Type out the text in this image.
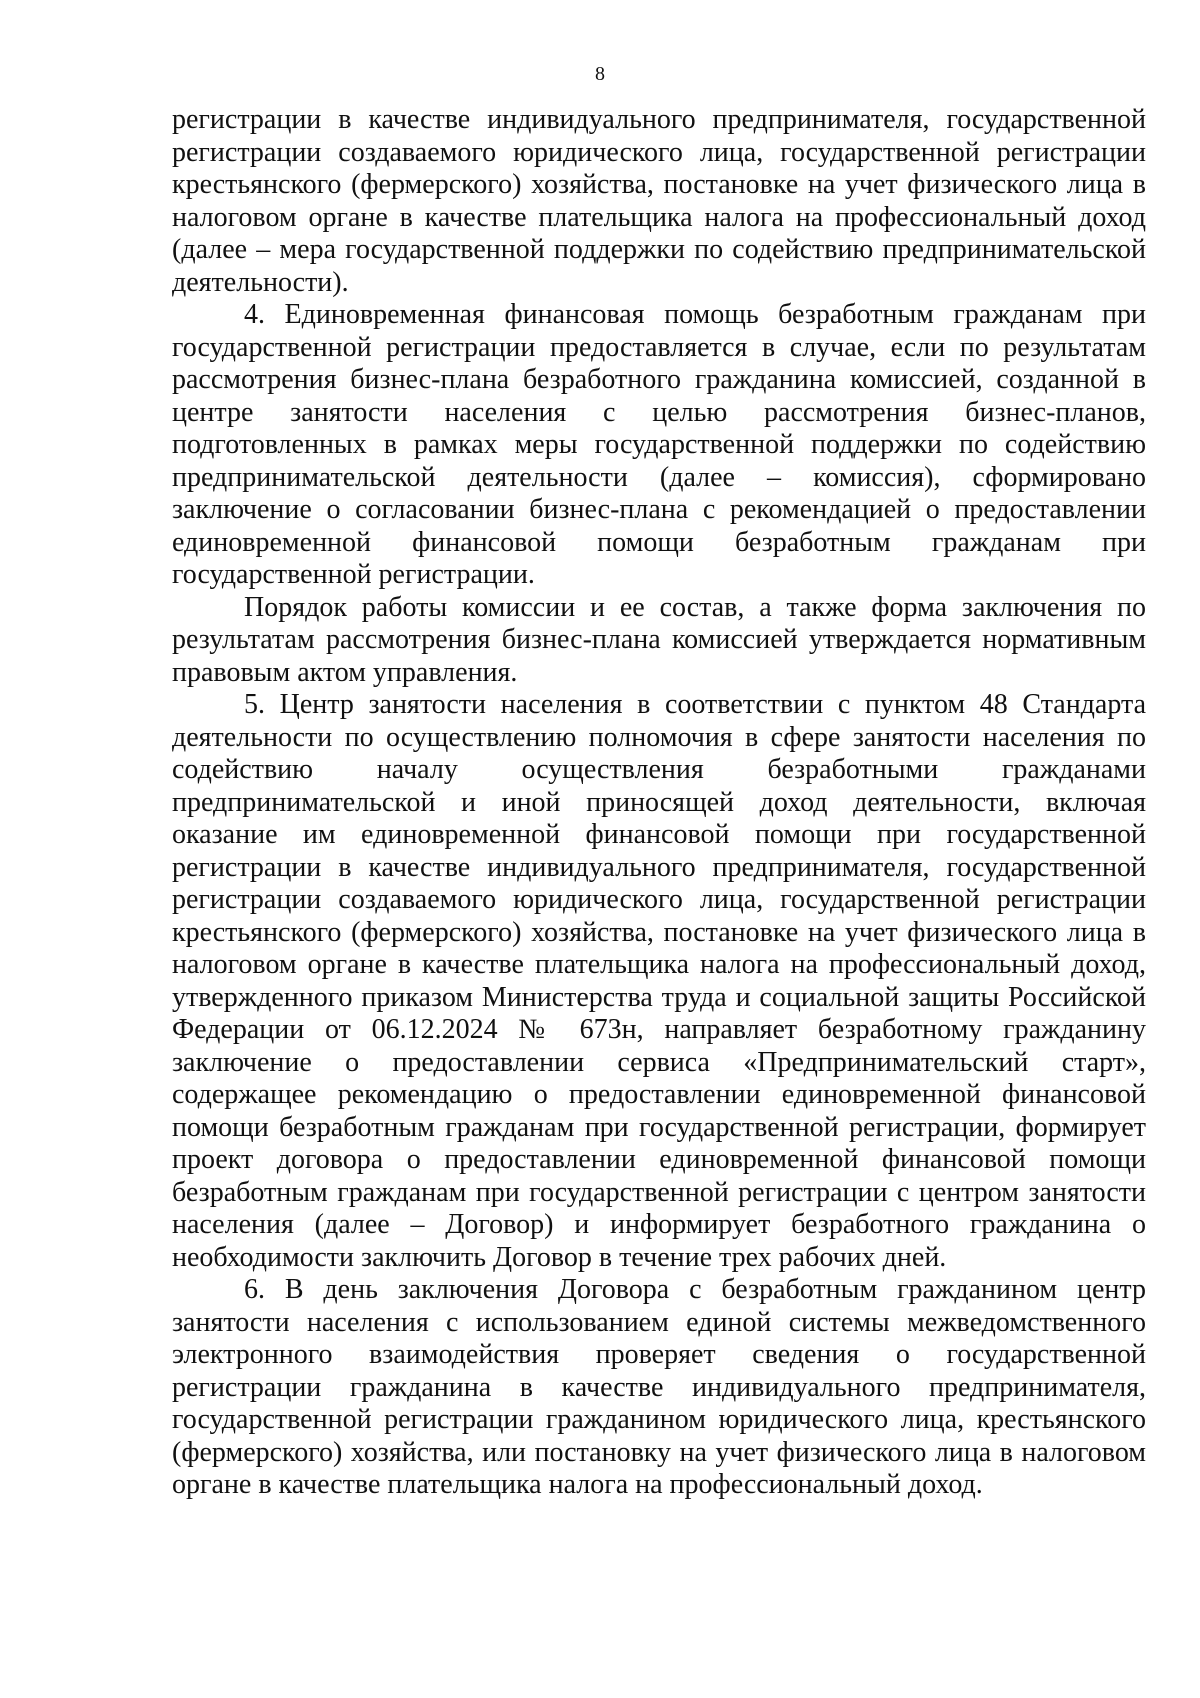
8

регистрации в качестве индивидуального предпринимателя, государственной регистрации создаваемого юридического лица, государственной регистрации крестьянского (фермерского) хозяйства, постановке на учет физического лица в налоговом органе в качестве плательщика налога на профессиональный доход (далее – мера государственной поддержки по содействию предпринимательской деятельности).

4. Единовременная финансовая помощь безработным гражданам при государственной регистрации предоставляется в случае, если по результатам рассмотрения бизнес-плана безработного гражданина комиссией, созданной в центре занятости населения с целью рассмотрения бизнес-планов, подготовленных в рамках меры государственной поддержки по содействию предпринимательской деятельности (далее – комиссия), сформировано заключение о согласовании бизнес-плана с рекомендацией о предоставлении единовременной финансовой помощи безработным гражданам при государственной регистрации.

Порядок работы комиссии и ее состав, а также форма заключения по результатам рассмотрения бизнес-плана комиссией утверждается нормативным правовым актом управления.

5. Центр занятости населения в соответствии с пунктом 48 Стандарта деятельности по осуществлению полномочия в сфере занятости населения по содействию началу осуществления безработными гражданами предпринимательской и иной приносящей доход деятельности, включая оказание им единовременной финансовой помощи при государственной регистрации в качестве индивидуального предпринимателя, государственной регистрации создаваемого юридического лица, государственной регистрации крестьянского (фермерского) хозяйства, постановке на учет физического лица в налоговом органе в качестве плательщика налога на профессиональный доход, утвержденного приказом Министерства труда и социальной защиты Российской Федерации от 06.12.2024 № 673н, направляет безработному гражданину заключение о предоставлении сервиса «Предпринимательский старт», содержащее рекомендацию о предоставлении единовременной финансовой помощи безработным гражданам при государственной регистрации, формирует проект договора о предоставлении единовременной финансовой помощи безработным гражданам при государственной регистрации с центром занятости населения (далее – Договор) и информирует безработного гражданина о необходимости заключить Договор в течение трех рабочих дней.

6. В день заключения Договора с безработным гражданином центр занятости населения с использованием единой системы межведомственного электронного взаимодействия проверяет сведения о государственной регистрации гражданина в качестве индивидуального предпринимателя, государственной регистрации гражданином юридического лица, крестьянского (фермерского) хозяйства, или постановку на учет физического лица в налоговом органе в качестве плательщика налога на профессиональный доход.
